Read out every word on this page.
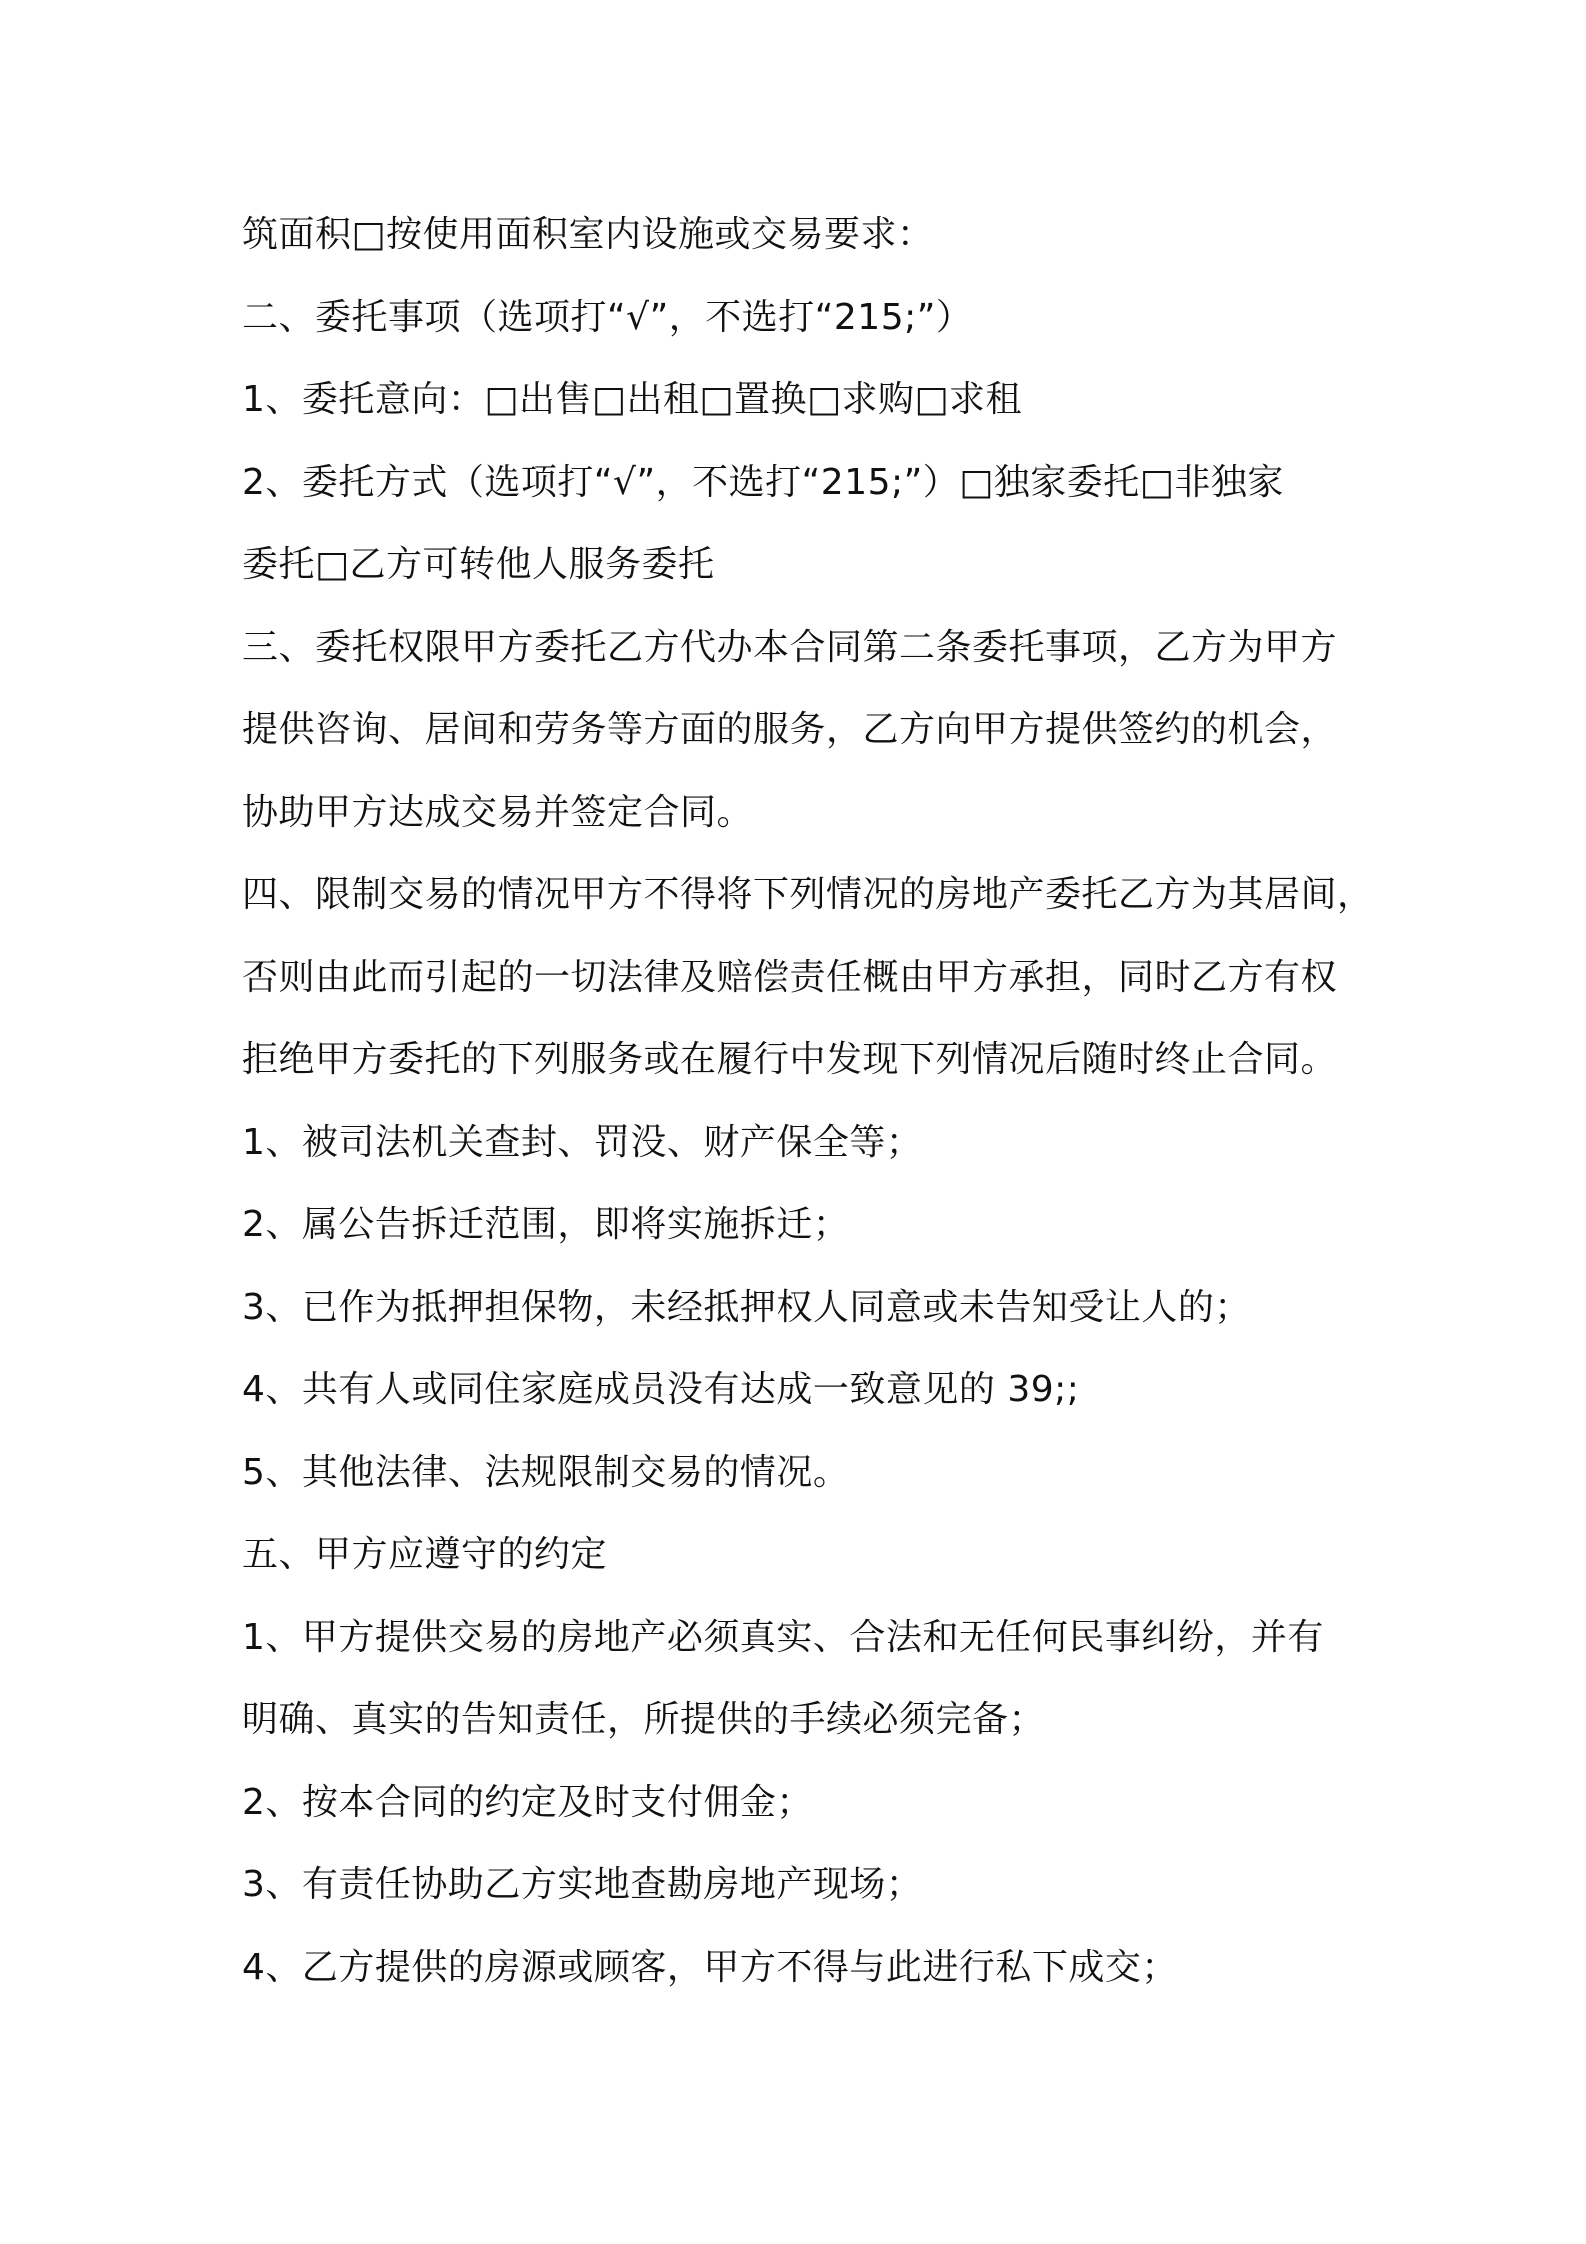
筑面积□按使用面积室内设施或交易要求：
二、委托事项（选项打“√”，不选打“215;”）
1、委托意向：□出售□出租□置换□求购□求租
2、委托方式（选项打“√”，不选打“215;”）□独家委托□非独家
委托□乙方可转他人服务委托
三、委托权限甲方委托乙方代办本合同第二条委托事项，乙方为甲方
提供咨询、居间和劳务等方面的服务，乙方向甲方提供签约的机会，
协助甲方达成交易并签定合同。
四、限制交易的情况甲方不得将下列情况的房地产委托乙方为其居间，
否则由此而引起的一切法律及赔偿责任概由甲方承担，同时乙方有权
拒绝甲方委托的下列服务或在履行中发现下列情况后随时终止合同。
1、被司法机关查封、罚没、财产保全等；
2、属公告拆迁范围，即将实施拆迁；
3、已作为抵押担保物，未经抵押权人同意或未告知受让人的；
4、共有人或同住家庭成员没有达成一致意见的 39;;
5、其他法律、法规限制交易的情况。
五、甲方应遵守的约定
1、甲方提供交易的房地产必须真实、合法和无任何民事纠纷，并有
明确、真实的告知责任，所提供的手续必须完备；
2、按本合同的约定及时支付佣金；
3、有责任协助乙方实地查勘房地产现场；
4、乙方提供的房源或顾客，甲方不得与此进行私下成交；
